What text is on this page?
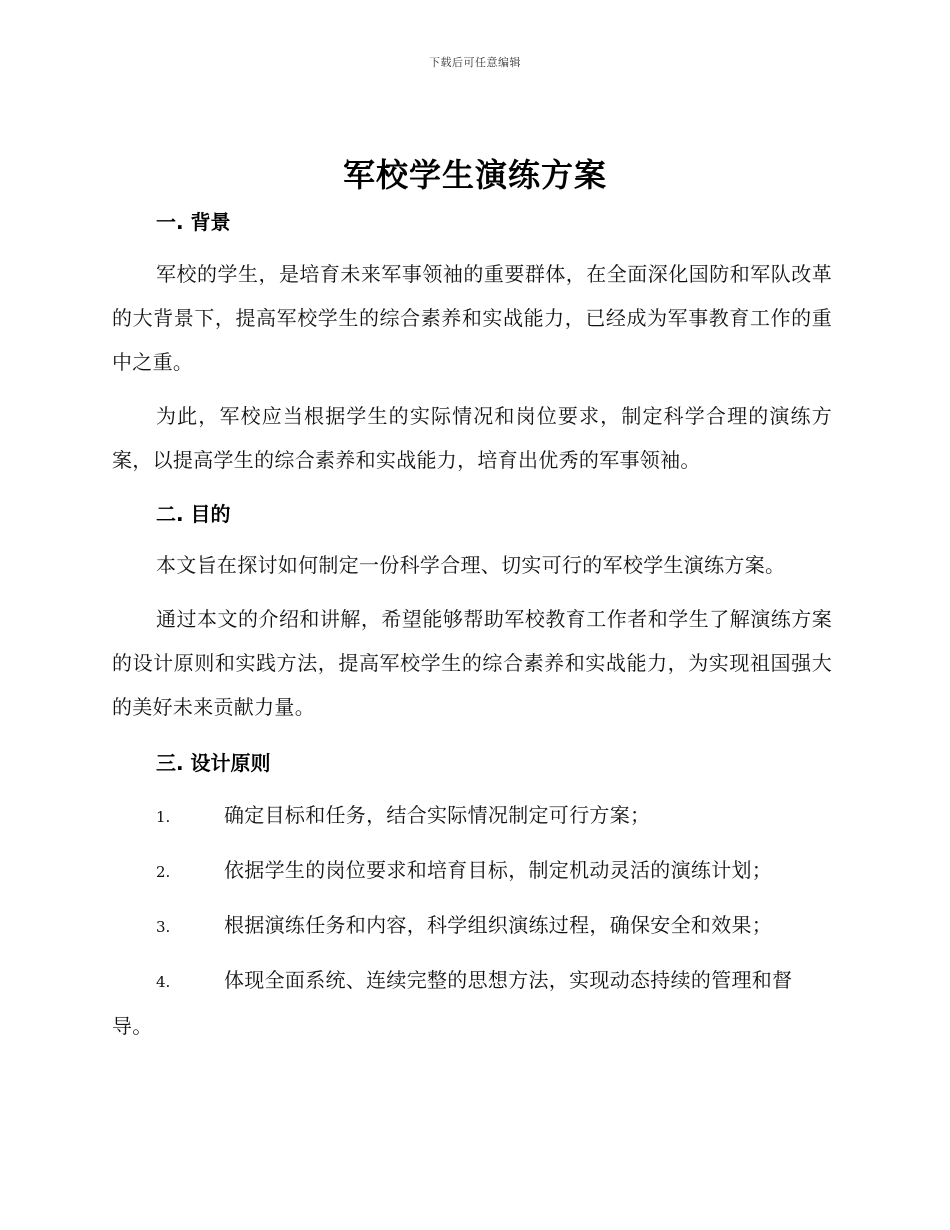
下载后可任意编辑
军校学生演练方案
一. 背景

军校的学生，是培育未来军事领袖的重要群体，在全面深化国防和军队改革的大背景下，提高军校学生的综合素养和实战能力，已经成为军事教育工作的重中之重。

为此，军校应当根据学生的实际情况和岗位要求，制定科学合理的演练方案，以提高学生的综合素养和实战能力，培育出优秀的军事领袖。

二. 目的

本文旨在探讨如何制定一份科学合理、切实可行的军校学生演练方案。

通过本文的介绍和讲解，希望能够帮助军校教育工作者和学生了解演练方案的设计原则和实践方法，提高军校学生的综合素养和实战能力，为实现祖国强大的美好未来贡献力量。

三. 设计原则

1.	确定目标和任务，结合实际情况制定可行方案；

2.	依据学生的岗位要求和培育目标，制定机动灵活的演练计划；

3.	根据演练任务和内容，科学组织演练过程，确保安全和效果；

4.	体现全面系统、连续完整的思想方法，实现动态持续的管理和督导。
